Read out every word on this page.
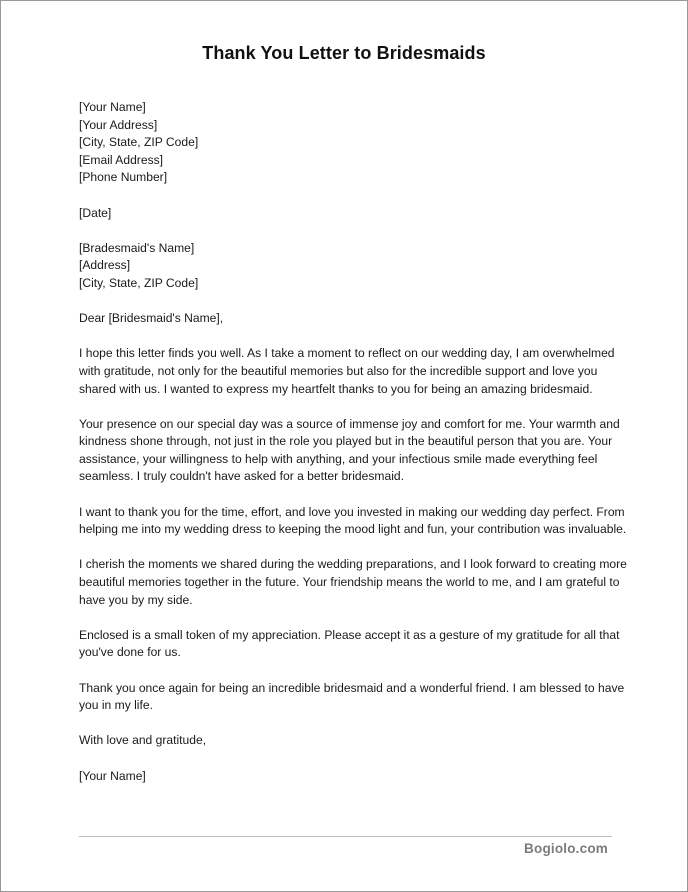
Thank You Letter to Bridesmaids
[Your Name]
[Your Address]
[City, State, ZIP Code]
[Email Address]
[Phone Number]
[Date]
[Bradesmaid's Name]
[Address]
[City, State, ZIP Code]
Dear [Bridesmaid's Name],
I hope this letter finds you well. As I take a moment to reflect on our wedding day, I am overwhelmed
with gratitude, not only for the beautiful memories but also for the incredible support and love you
shared with us. I wanted to express my heartfelt thanks to you for being an amazing bridesmaid.
Your presence on our special day was a source of immense joy and comfort for me. Your warmth and
kindness shone through, not just in the role you played but in the beautiful person that you are. Your
assistance, your willingness to help with anything, and your infectious smile made everything feel
seamless. I truly couldn't have asked for a better bridesmaid.
I want to thank you for the time, effort, and love you invested in making our wedding day perfect. From
helping me into my wedding dress to keeping the mood light and fun, your contribution was invaluable.
I cherish the moments we shared during the wedding preparations, and I look forward to creating more
beautiful memories together in the future. Your friendship means the world to me, and I am grateful to
have you by my side.
Enclosed is a small token of my appreciation. Please accept it as a gesture of my gratitude for all that
you've done for us.
Thank you once again for being an incredible bridesmaid and a wonderful friend. I am blessed to have
you in my life.
With love and gratitude,
[Your Name]
Bogiolo.com
